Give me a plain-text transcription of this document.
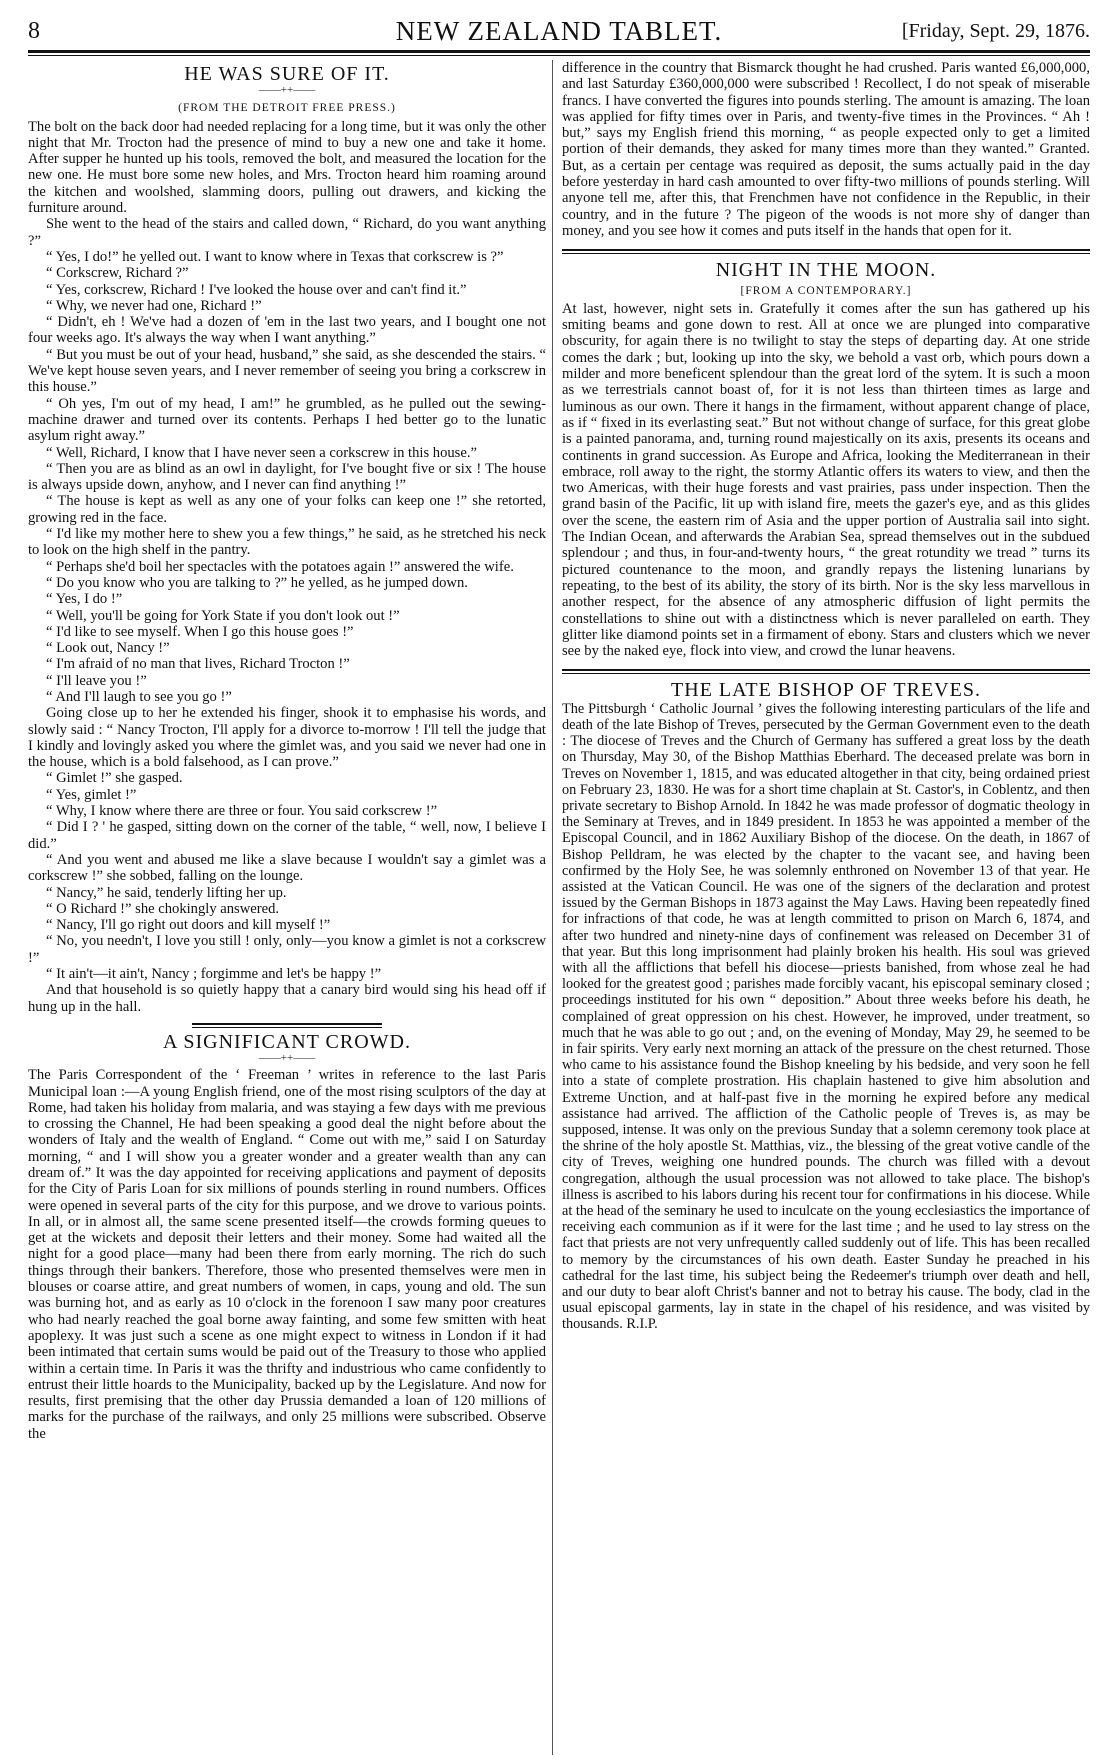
8	NEW ZEALAND TABLET.	[Friday, Sept. 29, 1876.
HE WAS SURE OF IT.
——++——
(FROM THE DETROIT FREE PRESS.)

The bolt on the back door had needed replacing for a long time, but it was only the other night that Mr. Trocton had the presence of mind to buy a new one and take it home. After supper he hunted up his tools, removed the bolt, and measured the location for the new one. He must bore some new holes, and Mrs. Trocton heard him roaming around the kitchen and woolshed, slamming doors, pulling out drawers, and kicking the furniture around.

She went to the head of the stairs and called down, “ Richard, do you want anything ?”

“ Yes, I do!” he yelled out. I want to know where in Texas that corkscrew is ?”

“ Corkscrew, Richard ?”

“ Yes, corkscrew, Richard ! I've looked the house over and can't find it.”

“ Why, we never had one, Richard !”

“ Didn't, eh ! We've had a dozen of 'em in the last two years, and I bought one not four weeks ago. It's always the way when I want anything.”

“ But you must be out of your head, husband,” she said, as she descended the stairs. “ We've kept house seven years, and I never remember of seeing you bring a corkscrew in this house.”

“ Oh yes, I'm out of my head, I am!” he grumbled, as he pulled out the sewing-machine drawer and turned over its contents. Perhaps I hed better go to the lunatic asylum right away.”

“ Well, Richard, I know that I have never seen a corkscrew in this house.”

“ Then you are as blind as an owl in daylight, for I've bought five or six ! The house is always upside down, anyhow, and I never can find anything !”

“ The house is kept as well as any one of your folks can keep one !” she retorted, growing red in the face.

“ I'd like my mother here to shew you a few things,” he said, as he stretched his neck to look on the high shelf in the pantry.

“ Perhaps she'd boil her spectacles with the potatoes again !” answered the wife.

“ Do you know who you are talking to ?” he yelled, as he jumped down.

“ Yes, I do !”

“ Well, you'll be going for York State if you don't look out !”

“ I'd like to see myself. When I go this house goes !”

“ Look out, Nancy !”

“ I'm afraid of no man that lives, Richard Trocton !”

“ I'll leave you !”

“ And I'll laugh to see you go !”

Going close up to her he extended his finger, shook it to emphasise his words, and slowly said : “ Nancy Trocton, I'll apply for a divorce to-morrow ! I'll tell the judge that I kindly and lovingly asked you where the gimlet was, and you said we never had one in the house, which is a bold falsehood, as I can prove.”

“ Gimlet !” she gasped.

“ Yes, gimlet !”

“ Why, I know where there are three or four. You said corkscrew !”

“ Did I ? ' he gasped, sitting down on the corner of the table, “ well, now, I believe I did.”

“ And you went and abused me like a slave because I wouldn't say a gimlet was a corkscrew !” she sobbed, falling on the lounge.

“ Nancy,” he said, tenderly lifting her up.

“ O Richard !” she chokingly answered.

“ Nancy, I'll go right out doors and kill myself !”

“ No, you needn't, I love you still ! only, only—you know a gimlet is not a corkscrew !”

“ It ain't—it ain't, Nancy ; forgimme and let's be happy !”

And that household is so quietly happy that a canary bird would sing his head off if hung up in the hall.

A SIGNIFICANT CROWD.
——++——

The Paris Correspondent of the ‘ Freeman ’ writes in reference to the last Paris Municipal loan :—A young English friend, one of the most rising sculptors of the day at Rome, had taken his holiday from malaria, and was staying a few days with me previous to crossing the Channel, He had been speaking a good deal the night before about the wonders of Italy and the wealth of England. “ Come out with me,” said I on Saturday morning, “ and I will show you a greater wonder and a greater wealth than any can dream of.” It was the day appointed for receiving applications and payment of deposits for the City of Paris Loan for six millions of pounds sterling in round numbers. Offices were opened in several parts of the city for this purpose, and we drove to various points. In all, or in almost all, the same scene presented itself—the crowds forming queues to get at the wickets and deposit their letters and their money. Some had waited all the night for a good place—many had been there from early morning. The rich do such things through their bankers. Therefore, those who presented themselves were men in blouses or coarse attire, and great numbers of women, in caps, young and old. The sun was burning hot, and as early as 10 o'clock in the forenoon I saw many poor creatures who had nearly reached the goal borne away fainting, and some few smitten with heat apoplexy. It was just such a scene as one might expect to witness in London if it had been intimated that certain sums would be paid out of the Treasury to those who applied within a certain time. In Paris it was the thrifty and industrious who came confidently to entrust their little hoards to the Municipality, backed up by the Legislature. And now for results, first premising that the other day Prussia demanded a loan of 120 millions of marks for the purchase of the railways, and only 25 millions were subscribed. Observe the

difference in the country that Bismarck thought he had crushed. Paris wanted £6,000,000, and last Saturday £360,000,000 were subscribed ! Recollect, I do not speak of miserable francs. I have converted the figures into pounds sterling. The amount is amazing. The loan was applied for fifty times over in Paris, and twenty-five times in the Provinces. “ Ah ! but,” says my English friend this morning, “ as people expected only to get a limited portion of their demands, they asked for many times more than they wanted.” Granted. But, as a certain per centage was required as deposit, the sums actually paid in the day before yesterday in hard cash amounted to over fifty-two millions of pounds sterling. Will anyone tell me, after this, that Frenchmen have not confidence in the Republic, in their country, and in the future ? The pigeon of the woods is not more shy of danger than money, and you see how it comes and puts itself in the hands that open for it.

NIGHT IN THE MOON.
[FROM A CONTEMPORARY.]

At last, however, night sets in. Gratefully it comes after the sun has gathered up his smiting beams and gone down to rest. All at once we are plunged into comparative obscurity, for again there is no twilight to stay the steps of departing day. At one stride comes the dark ; but, looking up into the sky, we behold a vast orb, which pours down a milder and more beneficent splendour than the great lord of the sytem. It is such a moon as we terrestrials cannot boast of, for it is not less than thirteen times as large and luminous as our own. There it hangs in the firmament, without apparent change of place, as if “ fixed in its everlasting seat.” But not without change of surface, for this great globe is a painted panorama, and, turning round majestically on its axis, presents its oceans and continents in grand succession. As Europe and Africa, looking the Mediterranean in their embrace, roll away to the right, the stormy Atlantic offers its waters to view, and then the two Americas, with their huge forests and vast prairies, pass under inspection. Then the grand basin of the Pacific, lit up with island fire, meets the gazer's eye, and as this glides over the scene, the eastern rim of Asia and the upper portion of Australia sail into sight. The Indian Ocean, and afterwards the Arabian Sea, spread themselves out in the subdued splendour ; and thus, in four-and-twenty hours, “ the great rotundity we tread ” turns its pictured countenance to the moon, and grandly repays the listening lunarians by repeating, to the best of its ability, the story of its birth. Nor is the sky less marvellous in another respect, for the absence of any atmospheric diffusion of light permits the constellations to shine out with a distinctness which is never paralleled on earth. They glitter like diamond points set in a firmament of ebony. Stars and clusters which we never see by the naked eye, flock into view, and crowd the lunar heavens.

THE LATE BISHOP OF TREVES.

The Pittsburgh ‘ Catholic Journal ’ gives the following interesting particulars of the life and death of the late Bishop of Treves, persecuted by the German Government even to the death : The diocese of Treves and the Church of Germany has suffered a great loss by the death on Thursday, May 30, of the Bishop Matthias Eberhard. The deceased prelate was born in Treves on November 1, 1815, and was educated altogether in that city, being ordained priest on February 23, 1830. He was for a short time chaplain at St. Castor's, in Coblentz, and then private secretary to Bishop Arnold. In 1842 he was made professor of dogmatic theology in the Seminary at Treves, and in 1849 president. In 1853 he was appointed a member of the Episcopal Council, and in 1862 Auxiliary Bishop of the diocese. On the death, in 1867 of Bishop Pelldram, he was elected by the chapter to the vacant see, and having been confirmed by the Holy See, he was solemnly enthroned on November 13 of that year. He assisted at the Vatican Council. He was one of the signers of the declaration and protest issued by the German Bishops in 1873 against the May Laws. Having been repeatedly fined for infractions of that code, he was at length committed to prison on March 6, 1874, and after two hundred and ninety-nine days of confinement was released on December 31 of that year. But this long imprisonment had plainly broken his health. His soul was grieved with all the afflictions that befell his diocese—priests banished, from whose zeal he had looked for the greatest good ; parishes made forcibly vacant, his episcopal seminary closed ; proceedings instituted for his own “ deposition.” About three weeks before his death, he complained of great oppression on his chest. However, he improved, under treatment, so much that he was able to go out ; and, on the evening of Monday, May 29, he seemed to be in fair spirits. Very early next morning an attack of the pressure on the chest returned. Those who came to his assistance found the Bishop kneeling by his bedside, and very soon he fell into a state of complete prostration. His chaplain hastened to give him absolution and Extreme Unction, and at half-past five in the morning he expired before any medical assistance had arrived. The affliction of the Catholic people of Treves is, as may be supposed, intense. It was only on the previous Sunday that a solemn ceremony took place at the shrine of the holy apostle St. Matthias, viz., the blessing of the great votive candle of the city of Treves, weighing one hundred pounds. The church was filled with a devout congregation, although the usual procession was not allowed to take place. The bishop's illness is ascribed to his labors during his recent tour for confirmations in his diocese. While at the head of the seminary he used to inculcate on the young ecclesiastics the importance of receiving each communion as if it were for the last time ; and he used to lay stress on the fact that priests are not very unfrequently called suddenly out of life. This has been recalled to memory by the circumstances of his own death. Easter Sunday he preached in his cathedral for the last time, his subject being the Redeemer's triumph over death and hell, and our duty to bear aloft Christ's banner and not to betray his cause. The body, clad in the usual episcopal garments, lay in state in the chapel of his residence, and was visited by thousands. R.I.P.
